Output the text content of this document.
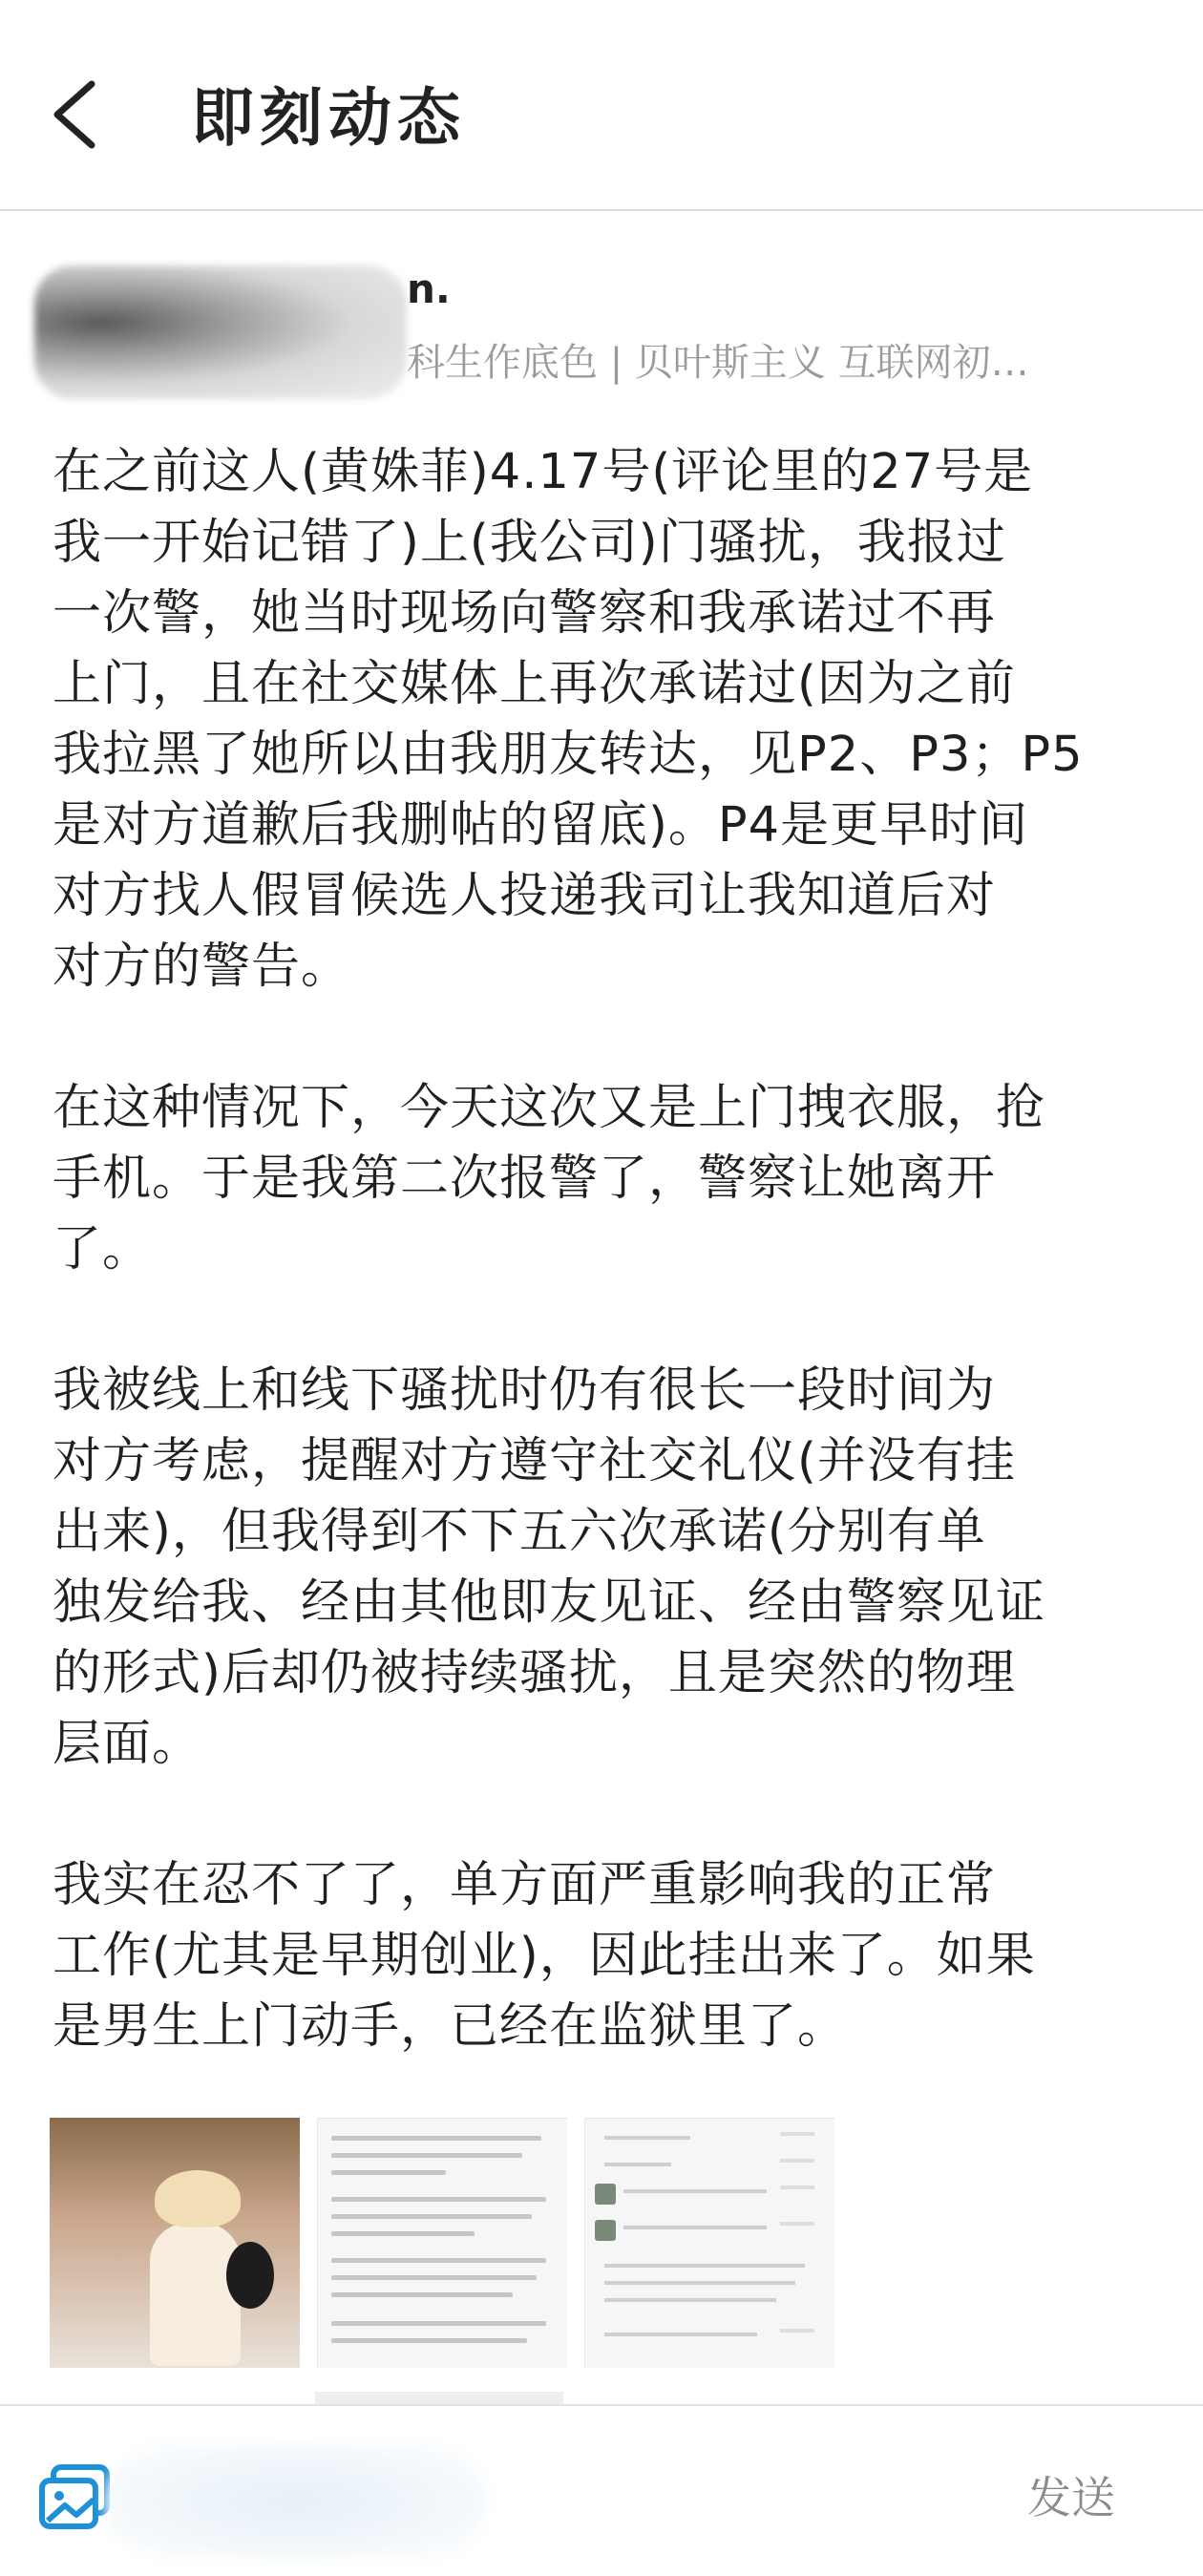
即刻动态
n.
科生作底色 | 贝叶斯主义 互联网初…

在之前这人(黄姝菲)4.17号(评论里的27号是
我一开始记错了)上(我公司)门骚扰，我报过
一次警，她当时现场向警察和我承诺过不再
上门，且在社交媒体上再次承诺过(因为之前
我拉黑了她所以由我朋友转达，见P2、P3；P5
是对方道歉后我删帖的留底)。P4是更早时间
对方找人假冒候选人投递我司让我知道后对
对方的警告。

在这种情况下，今天这次又是上门拽衣服，抢
手机。于是我第二次报警了，警察让她离开
了。

我被线上和线下骚扰时仍有很长一段时间为
对方考虑，提醒对方遵守社交礼仪(并没有挂
出来)，但我得到不下五六次承诺(分别有单
独发给我、经由其他即友见证、经由警察见证
的形式)后却仍被持续骚扰，且是突然的物理
层面。

我实在忍不了了，单方面严重影响我的正常
工作(尤其是早期创业)，因此挂出来了。如果
是男生上门动手，已经在监狱里了。

发送
